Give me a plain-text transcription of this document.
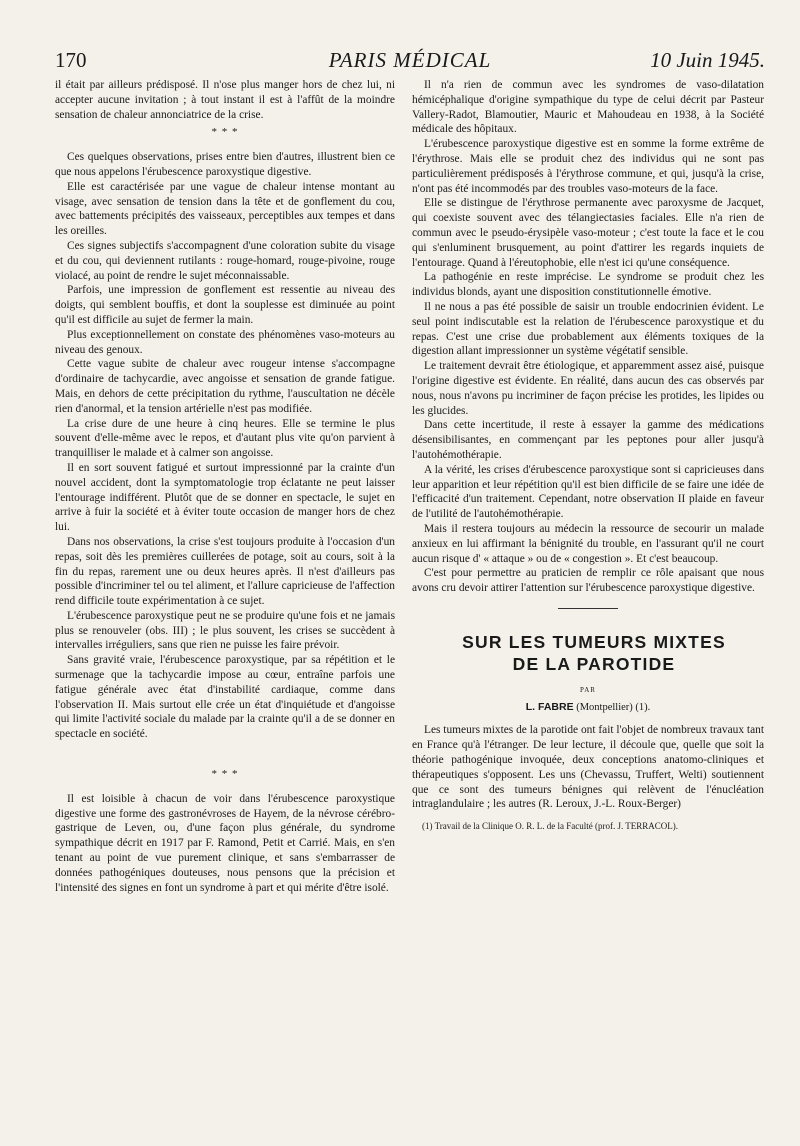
170	PARIS MÉDICAL	10 Juin 1945.

il était par ailleurs prédisposé. Il n'ose plus manger hors de chez lui, ni accepter aucune invitation ; à tout instant il est à l'affût de la moindre sensation de chaleur annonciatrice de la crise.

* * *

Ces quelques observations, prises entre bien d'autres, illustrent bien ce que nous appelons l'érubescence paroxystique digestive.

Elle est caractérisée par une vague de chaleur intense montant au visage, avec sensation de tension dans la tête et de gonflement du cou, avec battements précipités des vaisseaux, perceptibles aux tempes et dans les oreilles.

Ces signes subjectifs s'accompagnent d'une coloration subite du visage et du cou, qui deviennent rutilants : rouge-homard, rouge-pivoine, rouge violacé, au point de rendre le sujet méconnaissable.

Parfois, une impression de gonflement est ressentie au niveau des doigts, qui semblent bouffis, et dont la souplesse est diminuée au point qu'il est difficile au sujet de fermer la main.

Plus exceptionnellement on constate des phénomènes vaso-moteurs au niveau des genoux.

Cette vague subite de chaleur avec rougeur intense s'accompagne d'ordinaire de tachycardie, avec angoisse et sensation de grande fatigue. Mais, en dehors de cette précipitation du rythme, l'auscultation ne décèle rien d'anormal, et la tension artérielle n'est pas modifiée.

La crise dure de une heure à cinq heures. Elle se termine le plus souvent d'elle-même avec le repos, et d'autant plus vite qu'on parvient à tranquilliser le malade et à calmer son angoisse.

Il en sort souvent fatigué et surtout impressionné par la crainte d'un nouvel accident, dont la symptomatologie trop éclatante ne peut laisser l'entourage indifférent. Plutôt que de se donner en spectacle, le sujet en arrive à fuir la société et à éviter toute occasion de manger hors de chez lui.

Dans nos observations, la crise s'est toujours produite à l'occasion d'un repas, soit dès les premières cuillerées de potage, soit au cours, soit à la fin du repas, rarement une ou deux heures après. Il n'est d'ailleurs pas possible d'incriminer tel ou tel aliment, et l'allure capricieuse de l'affection rend difficile toute expérimentation à ce sujet.

L'érubescence paroxystique peut ne se produire qu'une fois et ne jamais plus se renouveler (obs. III) ; le plus souvent, les crises se succèdent à intervalles irréguliers, sans que rien ne puisse les faire prévoir.

Sans gravité vraie, l'érubescence paroxystique, par sa répétition et le surmenage que la tachycardie impose au cœur, entraîne parfois une fatigue générale avec état d'instabilité cardiaque, comme dans l'observation II. Mais surtout elle crée un état d'inquiétude et d'angoisse qui limite l'activité sociale du malade par la crainte qu'il a de se donner en spectacle en société.

* * *

Il est loisible à chacun de voir dans l'érubescence paroxystique digestive une forme des gastronévroses de Hayem, de la névrose cérébro-gastrique de Leven, ou, d'une façon plus générale, du syndrome sympathique décrit en 1917 par F. Ramond, Petit et Carrié. Mais, en s'en tenant au point de vue purement clinique, et sans s'embarrasser de données pathogéniques douteuses, nous pensons que la précision et l'intensité des signes en font un syndrome à part et qui mérite d'être isolé.

Il n'a rien de commun avec les syndromes de vaso-dilatation hémicéphalique d'origine sympathique du type de celui décrit par Pasteur Vallery-Radot, Blamoutier, Mauric et Mahoudeau en 1938, à la Société médicale des hôpitaux.

L'érubescence paroxystique digestive est en somme la forme extrême de l'érythrose. Mais elle se produit chez des individus qui ne sont pas particulièrement prédisposés à l'érythrose commune, et qui, jusqu'à la crise, n'ont pas été incommodés par des troubles vaso-moteurs de la face.

Elle se distingue de l'érythrose permanente avec paroxysme de Jacquet, qui coexiste souvent avec des télangiectasies faciales. Elle n'a rien de commun avec le pseudo-érysipèle vaso-moteur ; c'est toute la face et le cou qui s'enluminent brusquement, au point d'attirer les regards inquiets de l'entourage. Quand à l'éreutophobie, elle n'est ici qu'une conséquence.

La pathogénie en reste imprécise. Le syndrome se produit chez les individus blonds, ayant une disposition constitutionnelle émotive.

Il ne nous a pas été possible de saisir un trouble endocrinien évident. Le seul point indiscutable est la relation de l'érubescence paroxystique et du repas. C'est une crise due probablement aux éléments toxiques de la digestion allant impressionner un système végétatif sensible.

Le traitement devrait être étiologique, et apparemment assez aisé, puisque l'origine digestive est évidente. En réalité, dans aucun des cas observés par nous, nous n'avons pu incriminer de façon précise les protides, les lipides ou les glucides.

Dans cette incertitude, il reste à essayer la gamme des médications désensibilisantes, en commençant par les peptones pour aller jusqu'à l'autohémothérapie.

A la vérité, les crises d'érubescence paroxystique sont si capricieuses dans leur apparition et leur répétition qu'il est bien difficile de se faire une idée de l'efficacité d'un traitement. Cependant, notre observation II plaide en faveur de l'utilité de l'autohémothérapie.

Mais il restera toujours au médecin la ressource de secourir un malade anxieux en lui affirmant la bénignité du trouble, en l'assurant qu'il ne court aucun risque d' « attaque » ou de « congestion ». Et c'est beaucoup.

C'est pour permettre au praticien de remplir ce rôle apaisant que nous avons cru devoir attirer l'attention sur l'érubescence paroxystique digestive.

SUR LES TUMEURS MIXTES

DE LA PAROTIDE

PAR
L. FABRE (Montpellier) (1).

Les tumeurs mixtes de la parotide ont fait l'objet de nombreux travaux tant en France qu'à l'étranger. De leur lecture, il découle que, quelle que soit la théorie pathogénique invoquée, deux conceptions anatomo-cliniques et thérapeutiques s'opposent. Les uns (Chevassu, Truffert, Welti) soutiennent que ce sont des tumeurs bénignes qui relèvent de l'énucléation intraglandulaire ; les autres (R. Leroux, J.-L. Roux-Berger)

(1) Travail de la Clinique O. R. L. de la Faculté (prof. J. TERRACOL).
